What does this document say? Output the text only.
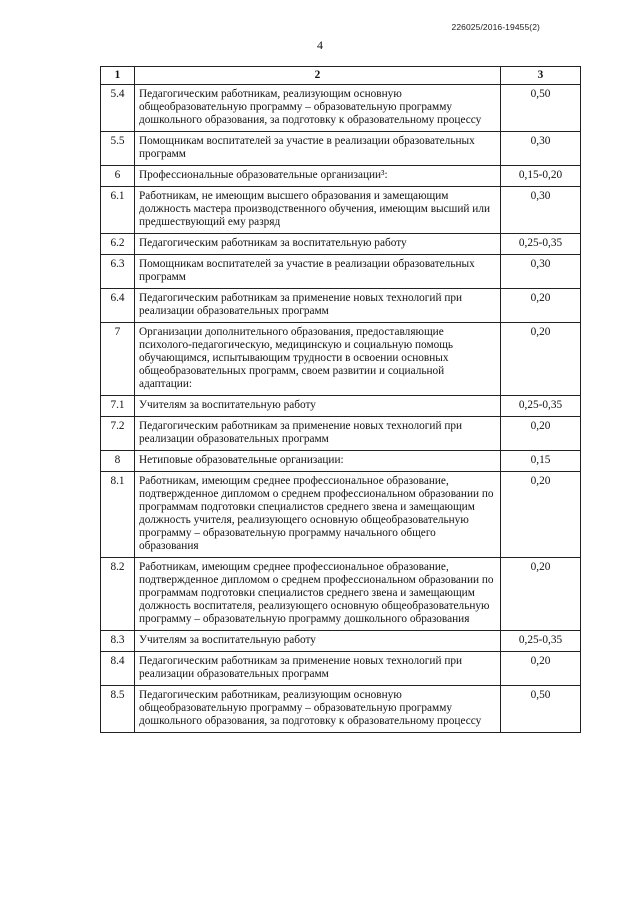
226025/2016-19455(2)
4
1	2	3
5.4	Педагогическим работникам, реализующим основную общеобразовательную программу – образовательную программу дошкольного образования, за подготовку к образовательному процессу	0,50
5.5	Помощникам воспитателей за участие в реализации образовательных программ	0,30
6	Профессиональные образовательные организации³:	0,15-0,20
6.1	Работникам, не имеющим высшего образования и замещающим должность мастера производственного обучения, имеющим высший или предшествующий ему разряд	0,30
6.2	Педагогическим работникам за воспитательную работу	0,25-0,35
6.3	Помощникам воспитателей за участие в реализации образовательных программ	0,30
6.4	Педагогическим работникам за применение новых технологий при реализации образовательных программ	0,20
7	Организации дополнительного образования, предоставляющие психолого-педагогическую, медицинскую и социальную помощь обучающимся, испытывающим трудности в освоении основных общеобразовательных программ, своем развитии и социальной адаптации:	0,20
7.1	Учителям за воспитательную работу	0,25-0,35
7.2	Педагогическим работникам за применение новых технологий при реализации образовательных программ	0,20
8	Нетиповые образовательные организации:	0,15
8.1	Работникам, имеющим среднее профессиональное образование, подтвержденное дипломом о среднем профессиональном образовании по программам подготовки специалистов среднего звена и замещающим должность учителя, реализующего основную общеобразовательную программу – образовательную программу начального общего образования	0,20
8.2	Работникам, имеющим среднее профессиональное образование, подтвержденное дипломом о среднем профессиональном образовании по программам подготовки специалистов среднего звена и замещающим должность воспитателя, реализующего основную общеобразовательную программу – образовательную программу дошкольного образования	0,20
8.3	Учителям за воспитательную работу	0,25-0,35
8.4	Педагогическим работникам за применение новых технологий при реализации образовательных программ	0,20
8.5	Педагогическим работникам, реализующим основную общеобразовательную программу – образовательную программу дошкольного образования, за подготовку к образовательному процессу	0,50
